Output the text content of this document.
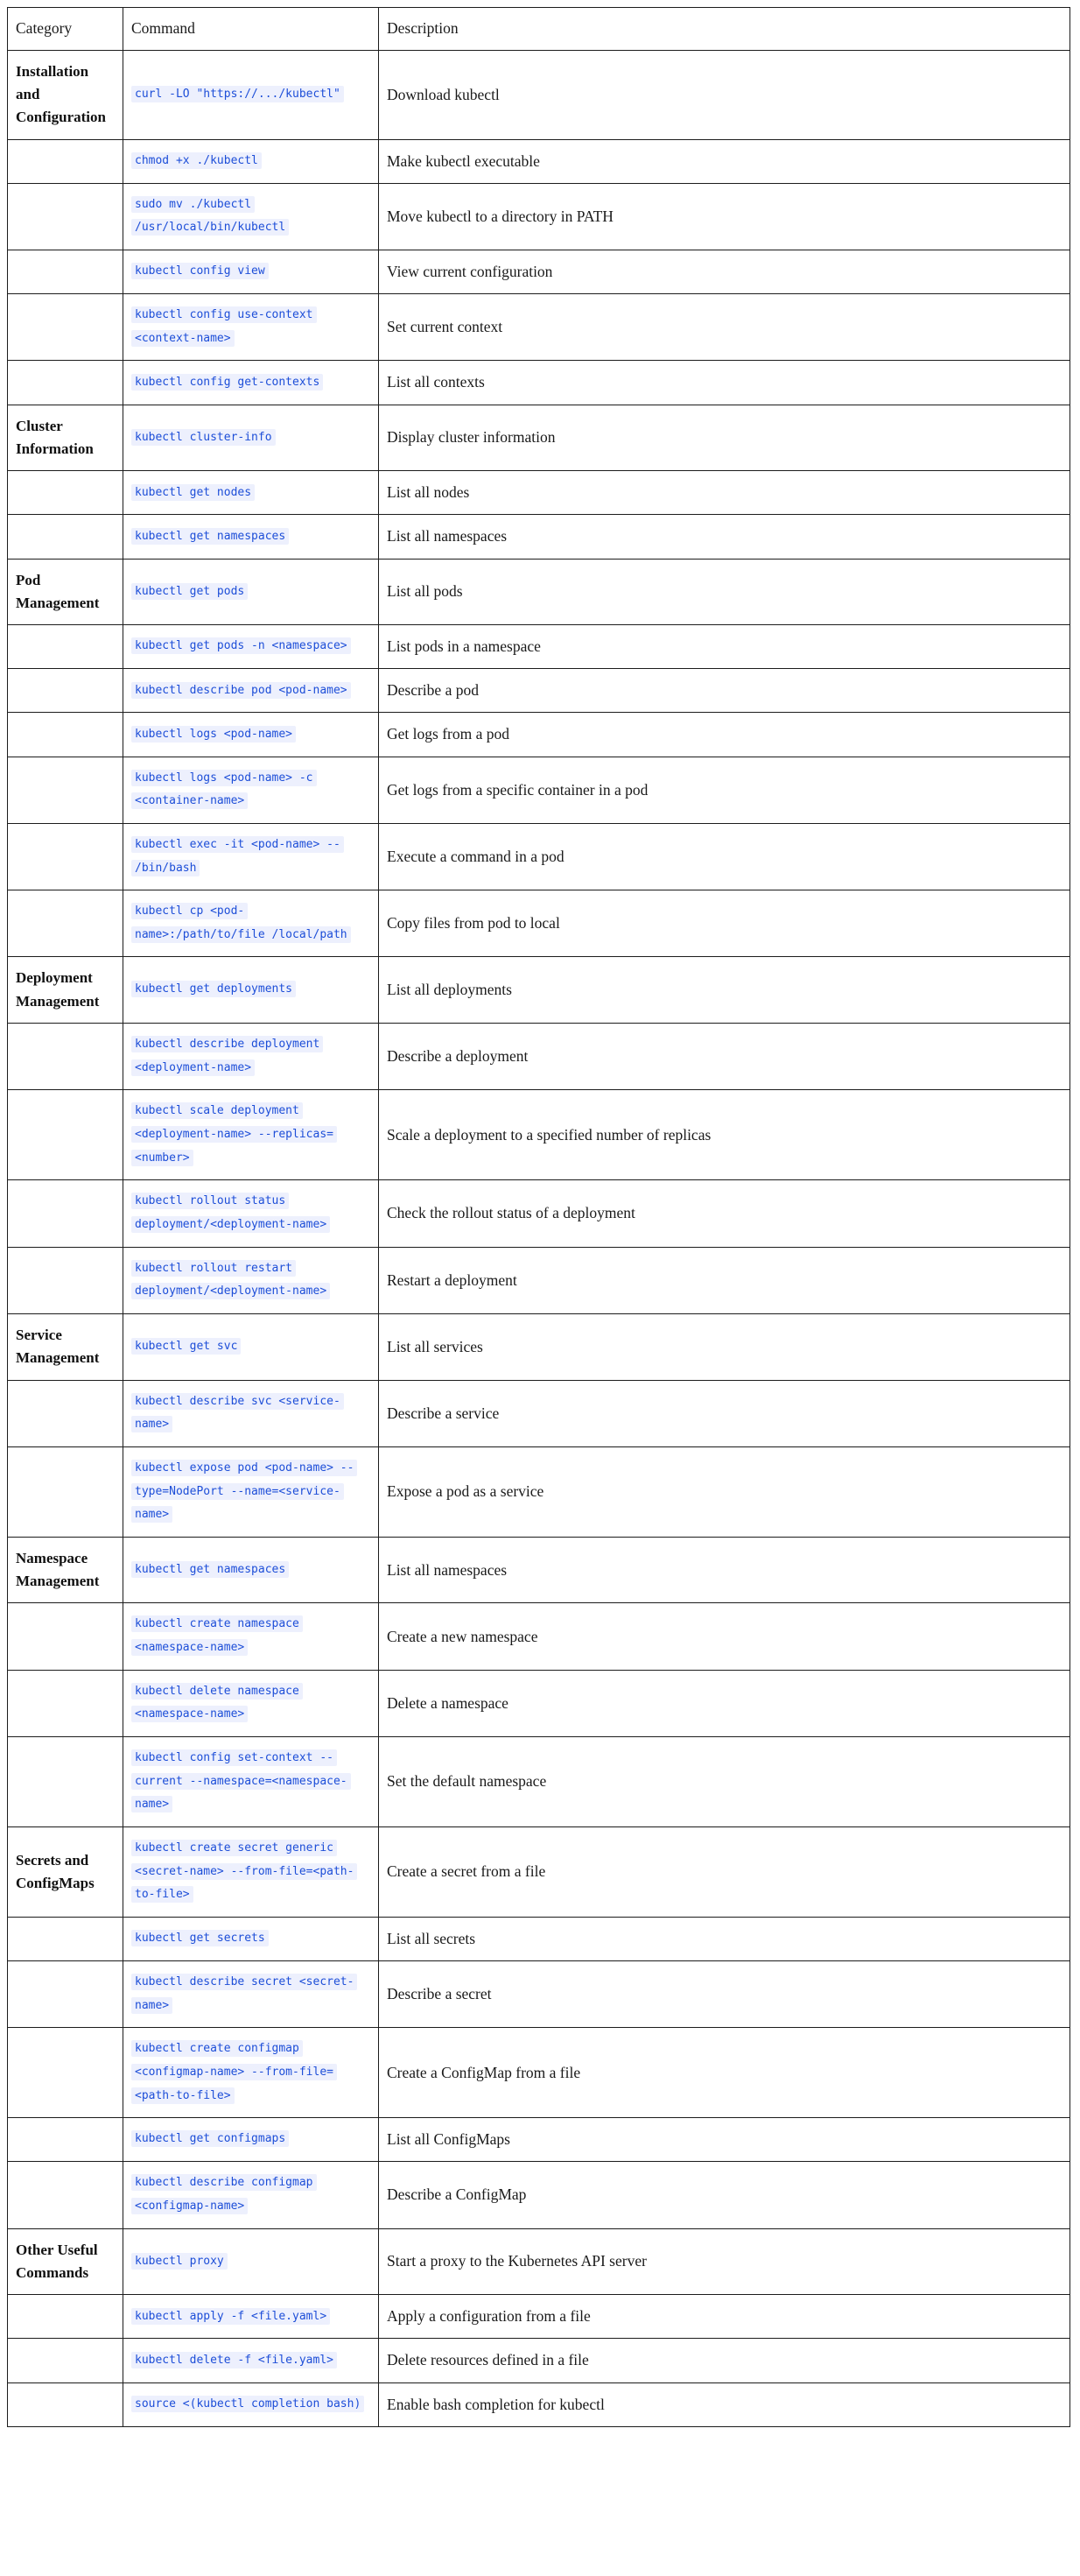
Category	Command	Description
Installation and Configuration	curl -LO "https://.../kubectl"	Download kubectl
	chmod +x ./kubectl	Make kubectl executable
	sudo mv ./kubectl /usr/local/bin/kubectl	Move kubectl to a directory in PATH
	kubectl config view	View current configuration
	kubectl config use-context <context-name>	Set current context
	kubectl config get-contexts	List all contexts
Cluster Information	kubectl cluster-info	Display cluster information
	kubectl get nodes	List all nodes
	kubectl get namespaces	List all namespaces
Pod Management	kubectl get pods	List all pods
	kubectl get pods -n <namespace>	List pods in a namespace
	kubectl describe pod <pod-name>	Describe a pod
	kubectl logs <pod-name>	Get logs from a pod
	kubectl logs <pod-name> -c <container-name>	Get logs from a specific container in a pod
	kubectl exec -it <pod-name> -- /bin/bash	Execute a command in a pod
	kubectl cp <pod-name>:/path/to/file /local/path	Copy files from pod to local
Deployment Management	kubectl get deployments	List all deployments
	kubectl describe deployment <deployment-name>	Describe a deployment
	kubectl scale deployment <deployment-name> --replicas=<number>	Scale a deployment to a specified number of replicas
	kubectl rollout status deployment/<deployment-name>	Check the rollout status of a deployment
	kubectl rollout restart deployment/<deployment-name>	Restart a deployment
Service Management	kubectl get svc	List all services
	kubectl describe svc <service-name>	Describe a service
	kubectl expose pod <pod-name> --type=NodePort --name=<service-name>	Expose a pod as a service
Namespace Management	kubectl get namespaces	List all namespaces
	kubectl create namespace <namespace-name>	Create a new namespace
	kubectl delete namespace <namespace-name>	Delete a namespace
	kubectl config set-context --current --namespace=<namespace-name>	Set the default namespace
Secrets and ConfigMaps	kubectl create secret generic <secret-name> --from-file=<path-to-file>	Create a secret from a file
	kubectl get secrets	List all secrets
	kubectl describe secret <secret-name>	Describe a secret
	kubectl create configmap <configmap-name> --from-file=<path-to-file>	Create a ConfigMap from a file
	kubectl get configmaps	List all ConfigMaps
	kubectl describe configmap <configmap-name>	Describe a ConfigMap
Other Useful Commands	kubectl proxy	Start a proxy to the Kubernetes API server
	kubectl apply -f <file.yaml>	Apply a configuration from a file
	kubectl delete -f <file.yaml>	Delete resources defined in a file
	source <(kubectl completion bash)	Enable bash completion for kubectl
